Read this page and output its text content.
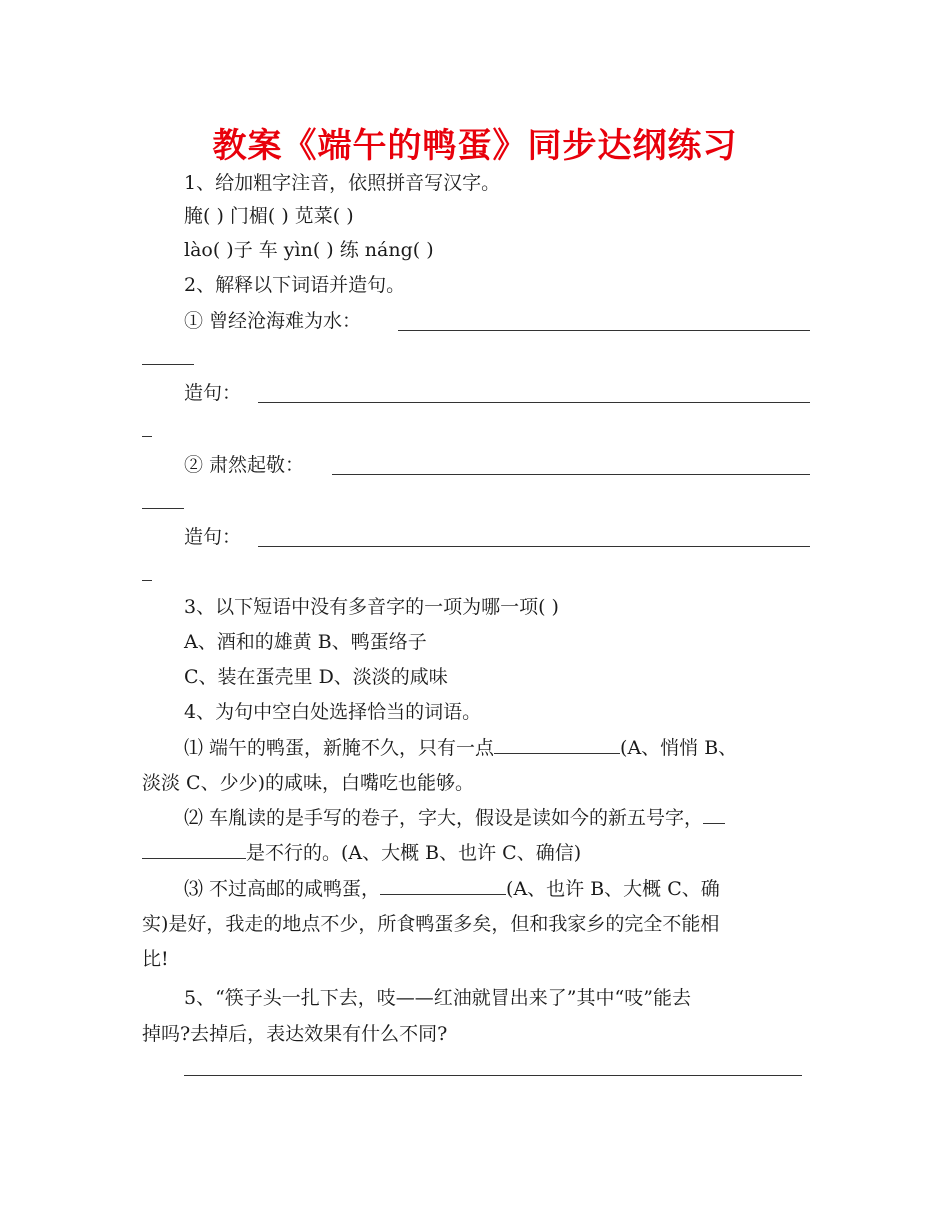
教案《端午的鸭蛋》同步达纲练习
1、给加粗字注音，依照拼音写汉字。
腌( ) 门楣( ) 苋菜( )
lào( )子 车 yìn( ) 练 náng( )
2、解释以下词语并造句。
① 曾经沧海难为水：
造句：
② 肃然起敬：
造句：
3、以下短语中没有多音字的一项为哪一项( )
A、酒和的雄黄 B、鸭蛋络子
C、装在蛋壳里 D、淡淡的咸味
4、为句中空白处选择恰当的词语。
⑴ 端午的鸭蛋，新腌不久，只有一点	(A、悄悄 B、
淡淡 C、少少)的咸味，白嘴吃也能够。
⑵ 车胤读的是手写的卷子，字大，假设是读如今的新五号字，
是不行的。(A、大概 B、也许 C、确信)
⑶ 不过高邮的咸鸭蛋，	(A、也许 B、大概 C、确
实)是好，我走的地点不少，所食鸭蛋多矣，但和我家乡的完全不能相
比!
5、“筷子头一扎下去，吱——红油就冒出来了”其中“吱”能去
掉吗?去掉后，表达效果有什么不同?
